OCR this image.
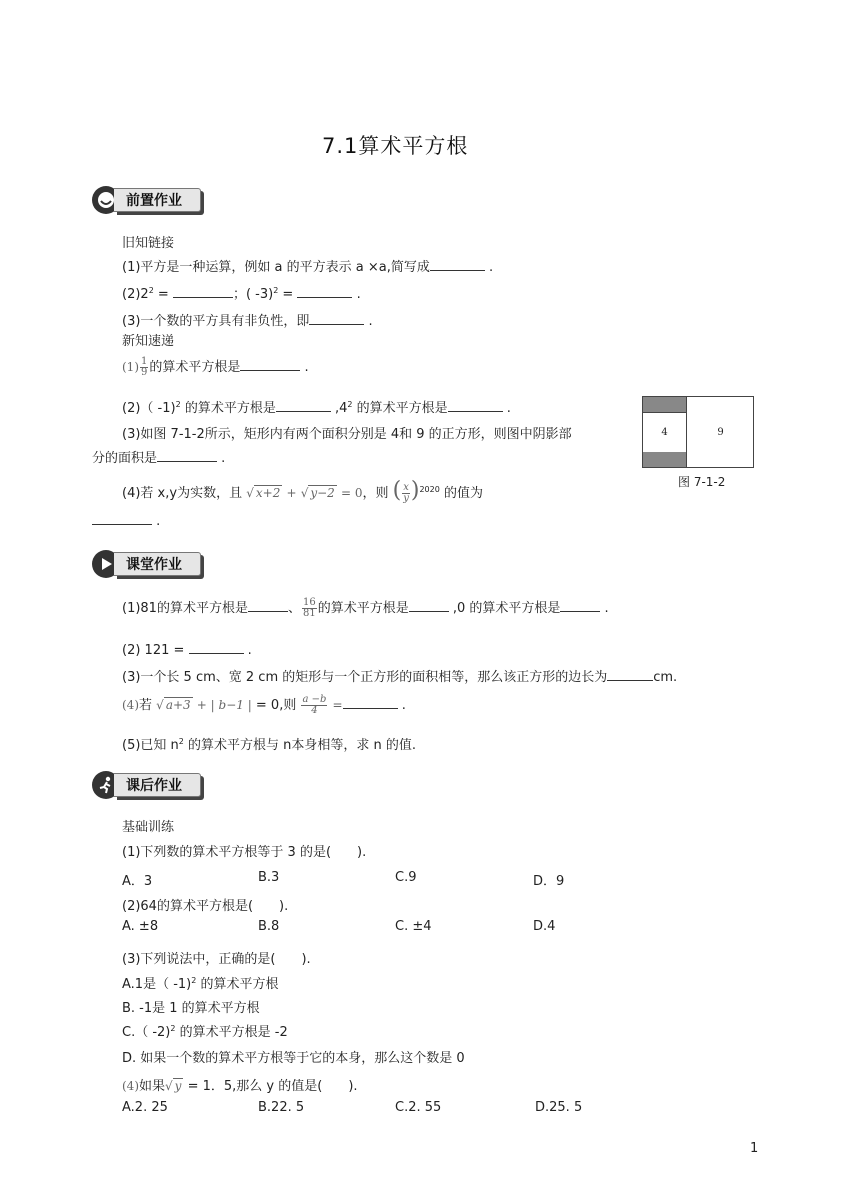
7.1算术平方根
前置作业
旧知链接
(1)平方是一种运算，例如 a 的平方表示 a ×a,简写成	.
$(2)2^2$ =	；( -3)$^2$ =	.
(3)一个数的平方具有非负性，即	.
新知速递
$(1) \frac{1}{9}$ 的算术平方根是	.
(2)（ -1)$^2$ 的算术平方根是	$,4^2$ 的算术平方根是	.
(3)如图 7-1-2所示，矩形内有两个面积分别是 4和 9 的正方形，则图中阴影部
分的面积是	.
4	9
图 7-1-2
(4)若 x,y为实数，且 √ x+2 + √ y−2 = 0，则 ( $\frac{x}{y} )^{2020}$ 的值为
.
课堂作业
(1)81的算术平方根是	、 $\frac{16}{81}$ 的算术平方根是	,0 的算术平方根是	.
(2) 121 =	.
(3)一个长 5 cm、宽 2 cm 的矩形与一个正方形的面积相等，那么该正方形的边长为	cm.
(4)若 √ a+3 + | b−1 | = 0,则 $\frac{a -b}{4}$ =	.
(5)已知 $n^2$ 的算术平方根与 n本身相等，求 n 的值.
课后作业
基础训练
(1)下列数的算术平方根等于 3 的是(　　).
A．3	B.3	C.9	D．9
(2)64的算术平方根是(　　).
A. ±8	B.8	C. ±4	D.4
(3)下列说法中，正确的是(　　).
A.1是（ -1)$^2$ 的算术平方根
B. -1是 1 的算术平方根
C.（ -2)$^2$ 的算术平方根是 -2
D. 如果一个数的算术平方根等于它的本身，那么这个数是 0
(4)如果√ y = 1．5,那么 y 的值是(　　).
A.2. 25	B.22. 5	C.2. 55	D.25. 5
1
